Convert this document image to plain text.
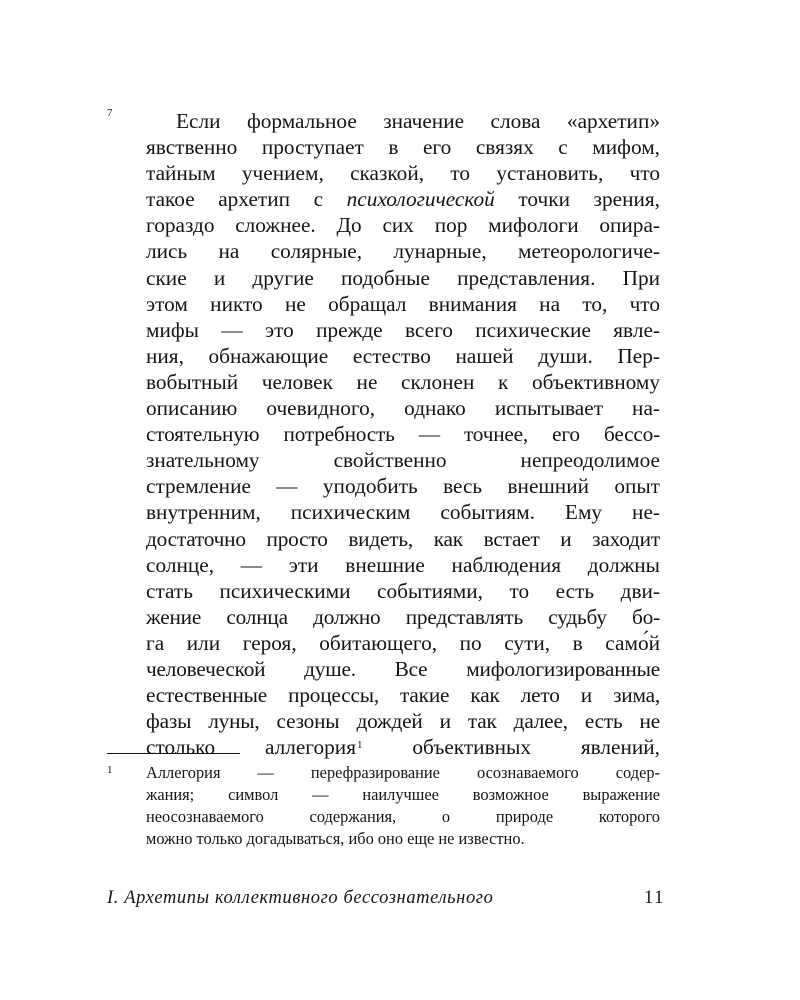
7	Если формальное значение слова «архетип»
явственно проступает в его связях с мифом,
тайным учением, сказкой, то установить, что
такое архетип с психологической точки зрения,
гораздо сложнее. До сих пор мифологи опира-
лись на солярные, лунарные, метеорологиче-
ские и другие подобные представления. При
этом никто не обращал внимания на то, что
мифы — это прежде всего психические явле-
ния, обнажающие естество нашей души. Пер-
вобытный человек не склонен к объективному
описанию очевидного, однако испытывает на-
стоятельную потребность — точнее, его бессо-
знательному свойственно непреодолимое
стремление — уподобить весь внешний опыт
внутренним, психическим событиям. Ему не-
достаточно просто видеть, как встает и заходит
солнце, — эти внешние наблюдения должны
стать психическими событиями, то есть дви-
жение солнца должно представлять судьбу бо-
га или героя, обитающего, по сути, в само́й
человеческой душе. Все мифологизированные
естественные процессы, такие как лето и зима,
фазы луны, сезоны дождей и так далее, есть не
столько аллегория$^1$ объективных явлений,
1 Аллегория — перефразирование осознаваемого содер-
жания; символ — наилучшее возможное выражение
неосознаваемого содержания, о природе которого
можно только догадываться, ибо оно еще не известно.
I. Архетипы коллективного бессознательного	11
